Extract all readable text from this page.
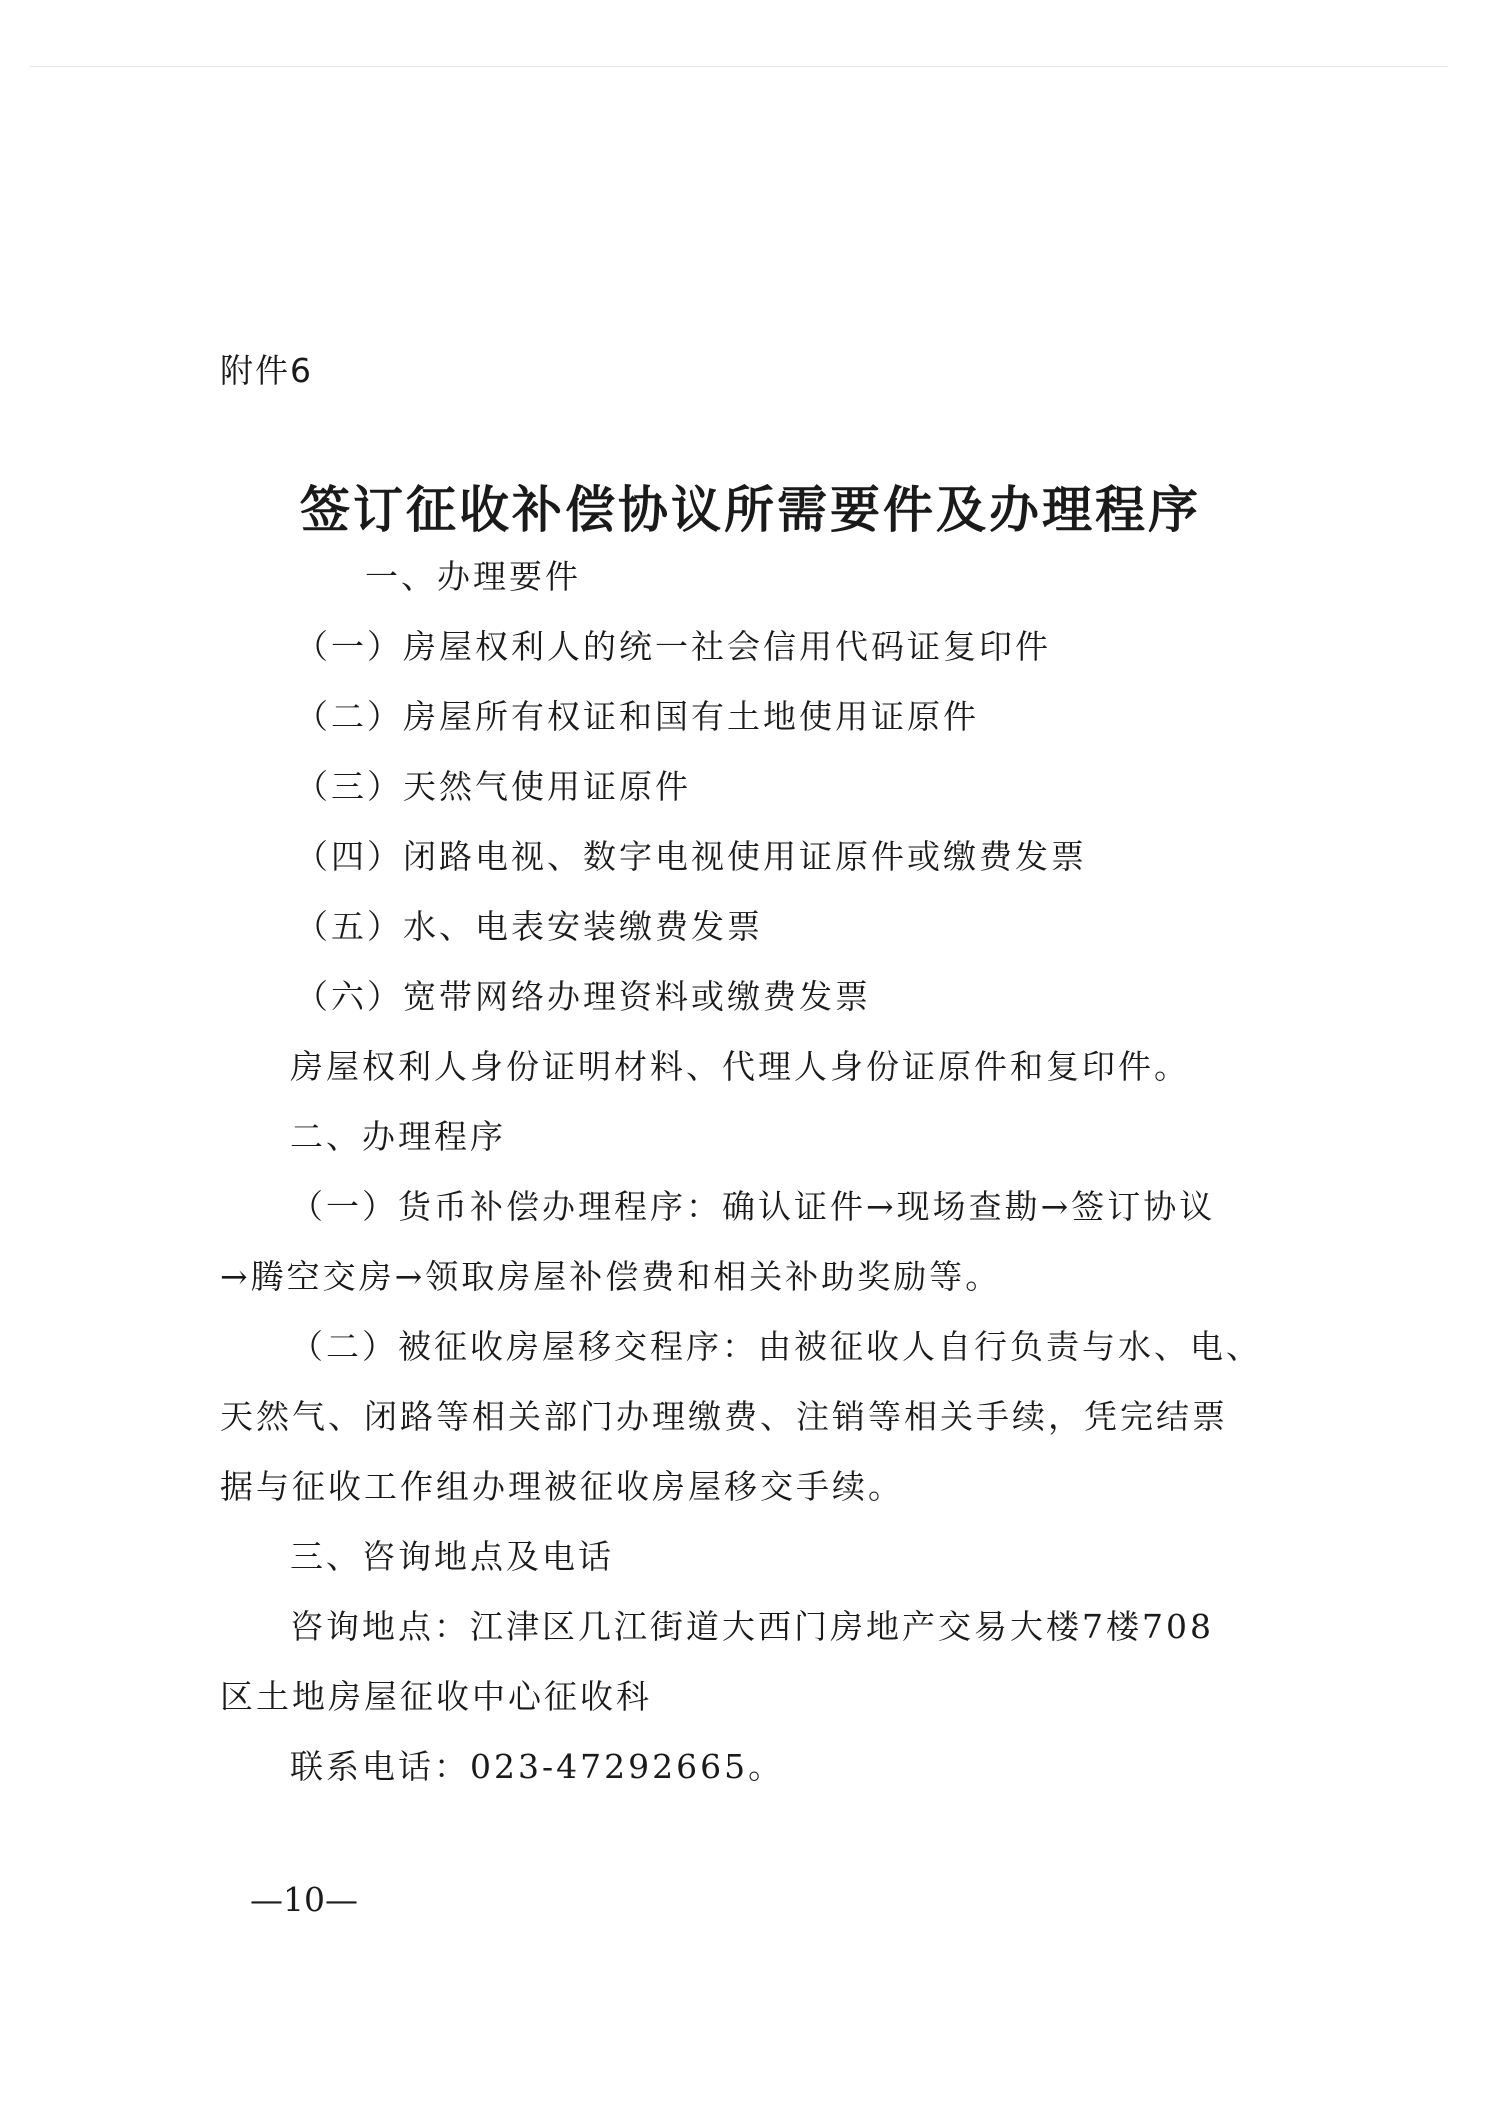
附件6
签订征收补偿协议所需要件及办理程序
一、办理要件
（一）房屋权利人的统一社会信用代码证复印件
（二）房屋所有权证和国有土地使用证原件
（三）天然气使用证原件
（四）闭路电视、数字电视使用证原件或缴费发票
（五）水、电表安装缴费发票
（六）宽带网络办理资料或缴费发票
房屋权利人身份证明材料、代理人身份证原件和复印件。
二、办理程序
（一）货币补偿办理程序：确认证件→现场查勘→签订协议
→腾空交房→领取房屋补偿费和相关补助奖励等。
（二）被征收房屋移交程序：由被征收人自行负责与水、电、
天然气、闭路等相关部门办理缴费、注销等相关手续，凭完结票
据与征收工作组办理被征收房屋移交手续。
三、咨询地点及电话
咨询地点：江津区几江街道大西门房地产交易大楼7楼708
区土地房屋征收中心征收科
联系电话：023-47292665。
—10—
